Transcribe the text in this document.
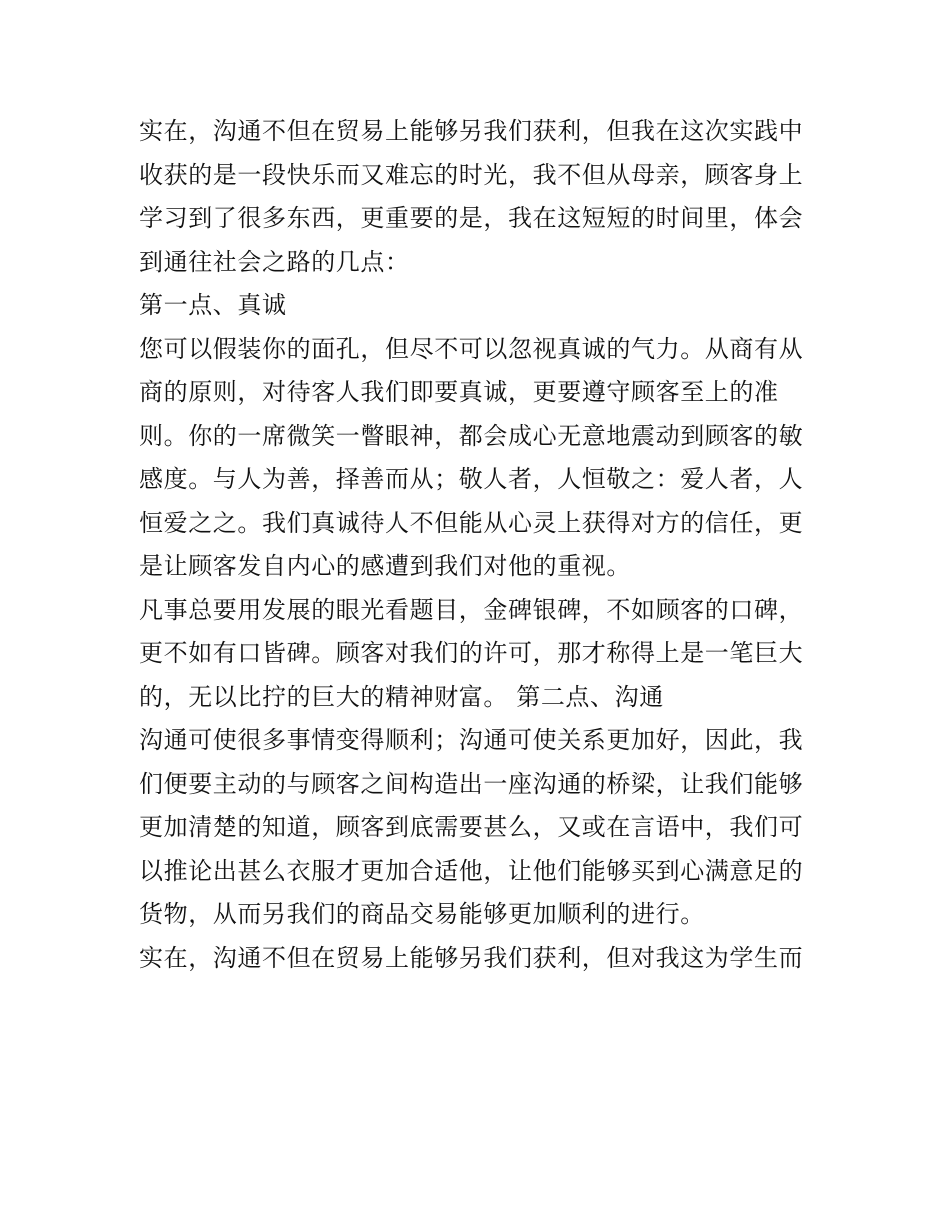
实在，沟通不但在贸易上能够另我们获利，但我在这次实践中
收获的是一段快乐而又难忘的时光，我不但从母亲，顾客身上
学习到了很多东西，更重要的是，我在这短短的时间里，体会
到通往社会之路的几点：
第一点、真诚
您可以假装你的面孔，但尽不可以忽视真诚的气力。从商有从
商的原则，对待客人我们即要真诚，更要遵守顾客至上的准
则。你的一席微笑一瞥眼神，都会成心无意地震动到顾客的敏
感度。与人为善，择善而从；敬人者，人恒敬之：爱人者，人
恒爱之之。我们真诚待人不但能从心灵上获得对方的信任，更
是让顾客发自内心的感遭到我们对他的重视。
凡事总要用发展的眼光看题目，金碑银碑，不如顾客的口碑，
更不如有口皆碑。顾客对我们的许可，那才称得上是一笔巨大
的，无以比拧的巨大的精神财富。 第二点、沟通
沟通可使很多事情变得顺利；沟通可使关系更加好，因此，我
们便要主动的与顾客之间构造出一座沟通的桥梁，让我们能够
更加清楚的知道，顾客到底需要甚么，又或在言语中，我们可
以推论出甚么衣服才更加合适他，让他们能够买到心满意足的
货物，从而另我们的商品交易能够更加顺利的进行。
实在，沟通不但在贸易上能够另我们获利，但对我这为学生而
